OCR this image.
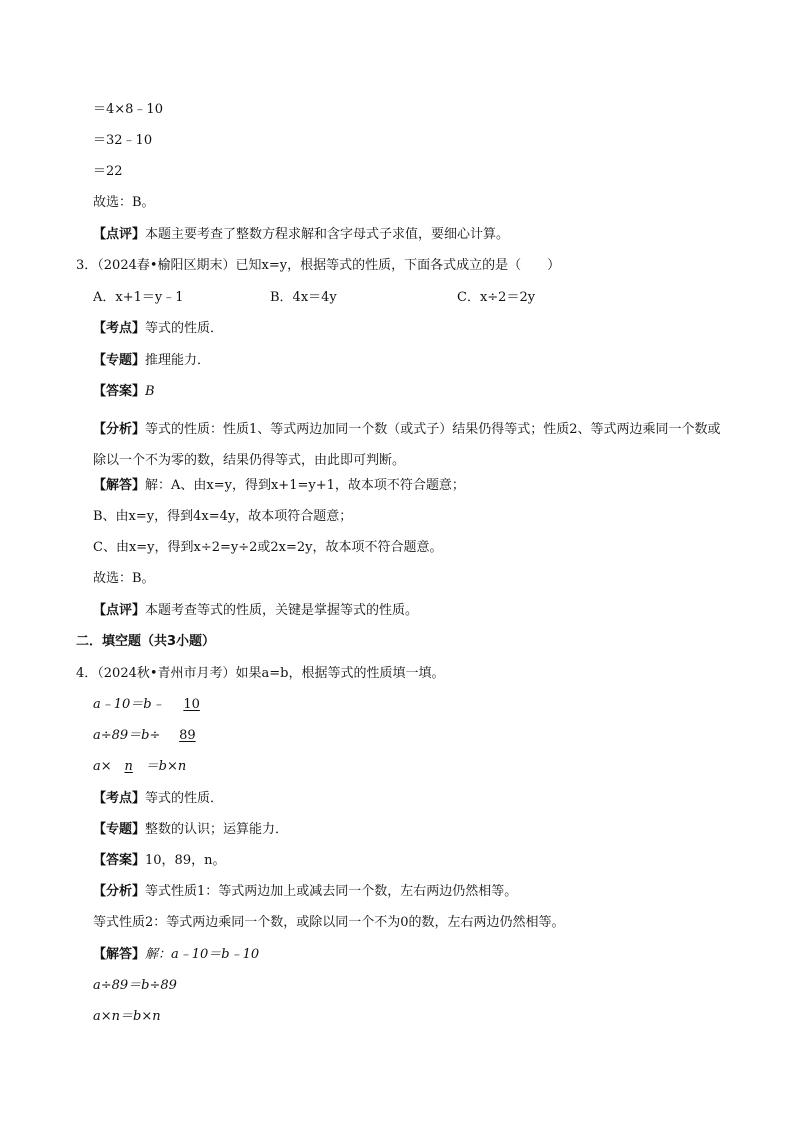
＝4×8﹣10
＝32﹣10
＝22
故选：B。
【点评】本题主要考查了整数方程求解和含字母式子求值，要细心计算。
3．（2024春•榆阳区期末）已知x=y，根据等式的性质，下面各式成立的是（　　）
A．x+1＝y﹣1	B．4x＝4y	C．x÷2＝2y
【考点】等式的性质．
【专题】推理能力．
【答案】B
【分析】等式的性质：性质1、等式两边加同一个数（或式子）结果仍得等式；性质2、等式两边乘同一个数或除以一个不为零的数，结果仍得等式，由此即可判断。
【解答】解：A、由x=y，得到x+1=y+1，故本项不符合题意；
B、由x=y，得到4x=4y，故本项符合题意；
C、由x=y，得到x÷2=y÷2或2x=2y，故本项不符合题意。
故选：B。
【点评】本题考查等式的性质，关键是掌握等式的性质。
二．填空题（共3小题）
4．（2024秋•青州市月考）如果a=b，根据等式的性质填一填。
a﹣10＝b﹣ 10
a÷89＝b÷ 89
a× n ＝b×n
【考点】等式的性质．
【专题】整数的认识；运算能力．
【答案】10，89，n。
【分析】等式性质1：等式两边加上或减去同一个数，左右两边仍然相等。
等式性质2：等式两边乘同一个数，或除以同一个不为0的数，左右两边仍然相等。
【解答】解：a﹣10＝b﹣10
a÷89＝b÷89
a×n＝b×n
